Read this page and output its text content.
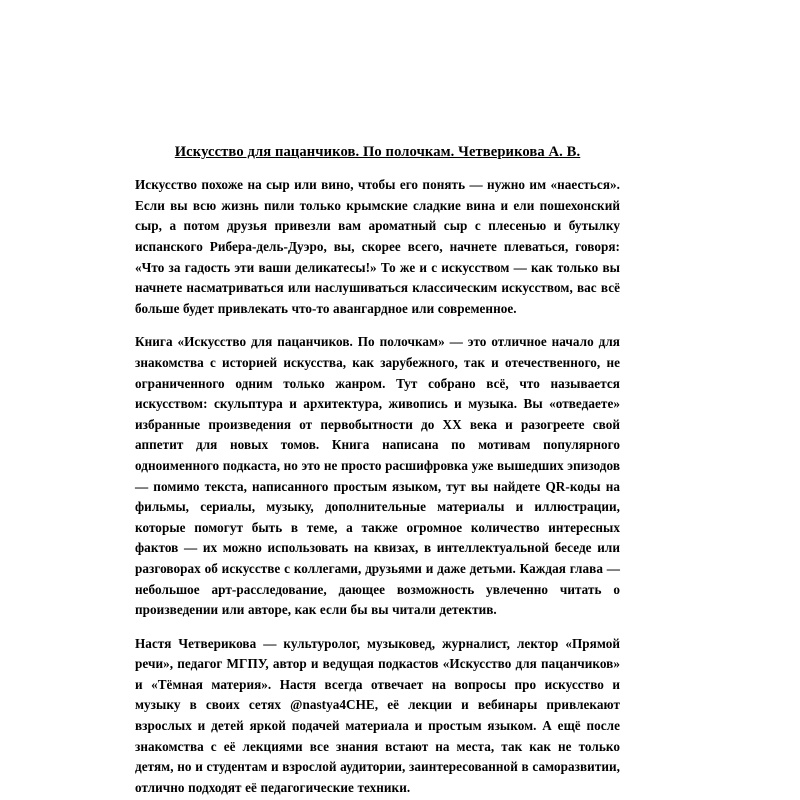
Искусство для пацанчиков. По полочкам. Четверикова А. В.

Искусство похоже на сыр или вино, чтобы его понять — нужно им «наесться». Если вы всю жизнь пили только крымские сладкие вина и ели пошехонский сыр, а потом друзья привезли вам ароматный сыр с плесенью и бутылку испанского Рибера-дель-Дуэро, вы, скорее всего, начнете плеваться, говоря: «Что за гадость эти ваши деликатесы!» То же и с искусством — как только вы начнете насматриваться или наслушиваться классическим искусством, вас всё больше будет привлекать что-то авангардное или современное.

Книга «Искусство для пацанчиков. По полочкам» — это отличное начало для знакомства с историей искусства, как зарубежного, так и отечественного, не ограниченного одним только жанром. Тут собрано всё, что называется искусством: скульптура и архитектура, живопись и музыка. Вы «отведаете» избранные произведения от первобытности до XX века и разогреете свой аппетит для новых томов. Книга написана по мотивам популярного одноименного подкаста, но это не просто расшифровка уже вышедших эпизодов — помимо текста, написанного простым языком, тут вы найдете QR-коды на фильмы, сериалы, музыку, дополнительные материалы и иллюстрации, которые помогут быть в теме, а также огромное количество интересных фактов — их можно использовать на квизах, в интеллектуальной беседе или разговорах об искусстве с коллегами, друзьями и даже детьми. Каждая глава — небольшое арт-расследование, дающее возможность увлеченно читать о произведении или авторе, как если бы вы читали детектив.

Настя Четверикова — культуролог, музыковед, журналист, лектор «Прямой речи», педагог МГПУ, автор и ведущая подкастов «Искусство для пацанчиков» и «Тёмная материя». Настя всегда отвечает на вопросы про искусство и музыку в своих сетях @nastya4CHE, её лекции и вебинары привлекают взрослых и детей яркой подачей материала и простым языком. А ещё после знакомства с её лекциями все знания встают на места, так как не только детям, но и студентам и взрослой аудитории, заинтересованной в саморазвитии, отлично подходят её педагогические техники.
